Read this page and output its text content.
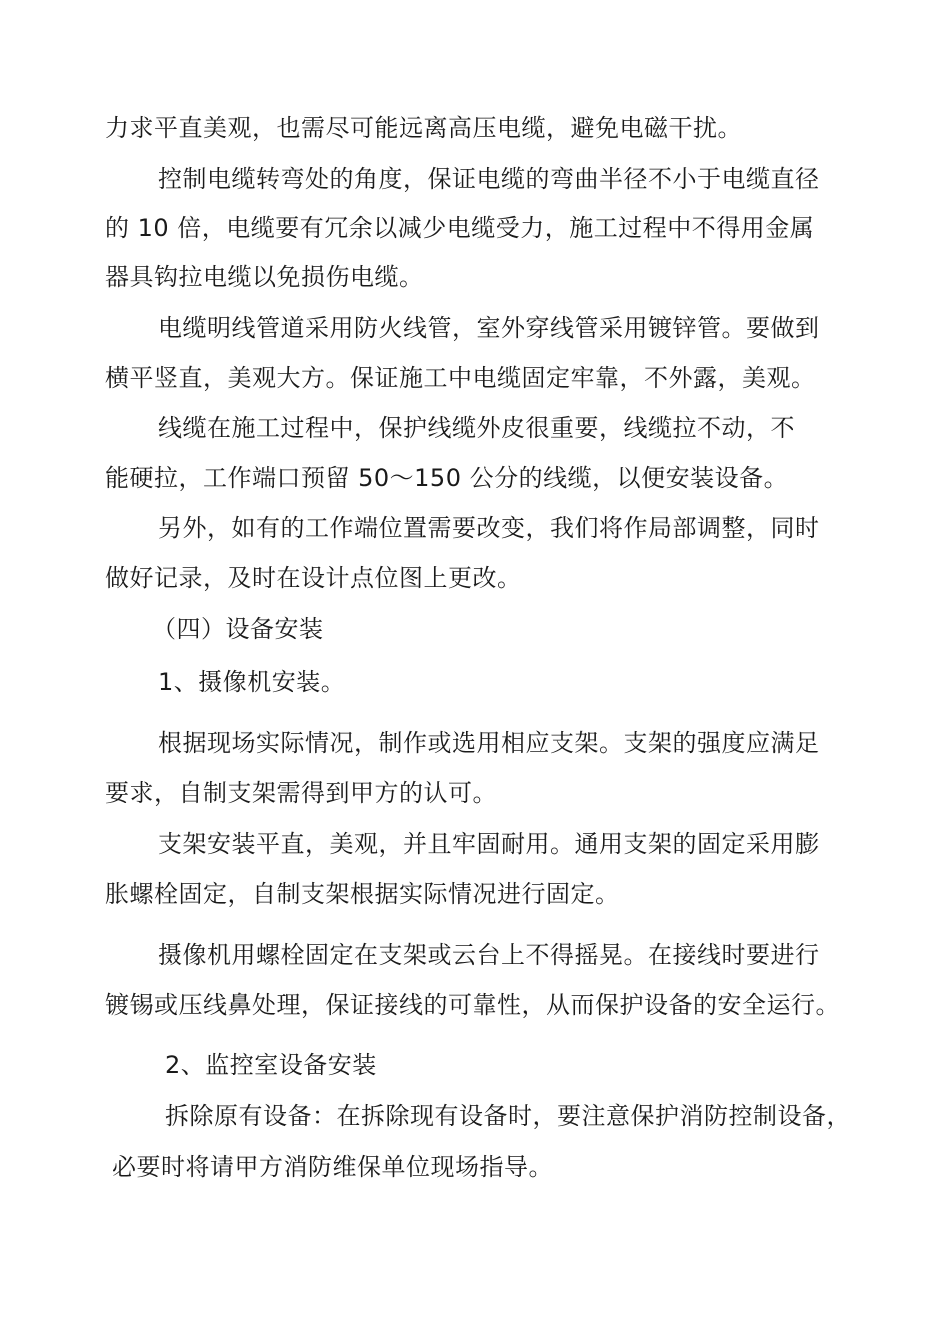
力求平直美观，也需尽可能远离高压电缆，避免电磁干扰。
控制电缆转弯处的角度，保证电缆的弯曲半径不小于电缆直径
的 10 倍，电缆要有冗余以减少电缆受力，施工过程中不得用金属
器具钩拉电缆以免损伤电缆。
电缆明线管道采用防火线管，室外穿线管采用镀锌管。要做到
横平竖直，美观大方。保证施工中电缆固定牢靠，不外露，美观。
线缆在施工过程中，保护线缆外皮很重要，线缆拉不动，不
能硬拉，工作端口预留 50～150 公分的线缆，以便安装设备。
另外，如有的工作端位置需要改变，我们将作局部调整，同时
做好记录，及时在设计点位图上更改。
（四）设备安装
1、摄像机安装。
根据现场实际情况，制作或选用相应支架。支架的强度应满足
要求，自制支架需得到甲方的认可。
支架安装平直，美观，并且牢固耐用。通用支架的固定采用膨
胀螺栓固定，自制支架根据实际情况进行固定。
摄像机用螺栓固定在支架或云台上不得摇晃。在接线时要进行
镀锡或压线鼻处理，保证接线的可靠性，从而保护设备的安全运行。
2、监控室设备安装
拆除原有设备：在拆除现有设备时，要注意保护消防控制设备，
必要时将请甲方消防维保单位现场指导。
